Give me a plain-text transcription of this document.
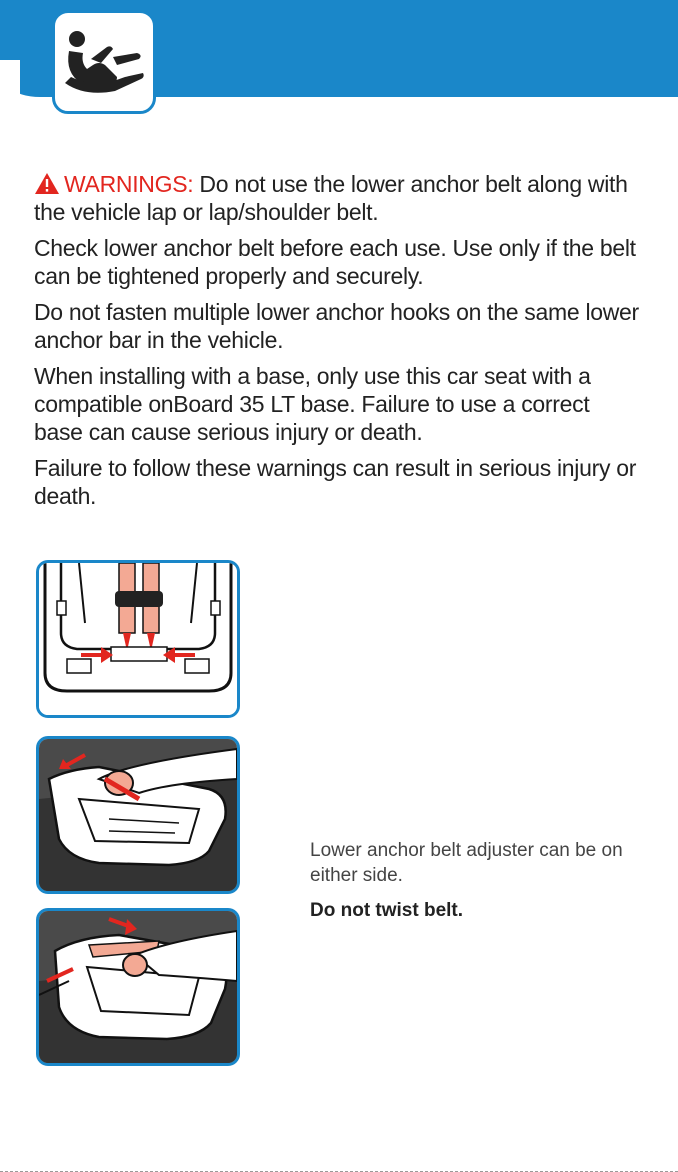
WARNINGS: Do not use the lower anchor belt along with the vehicle lap or lap/shoulder belt.

Check lower anchor belt before each use. Use only if the belt can be tightened properly and securely.

Do not fasten multiple lower anchor hooks on the same lower anchor bar in the vehicle.

When installing with a base, only use this car seat with a compatible onBoard 35 LT base. Failure to use a correct base can cause serious injury or death.

Failure to follow these warnings can result in serious injury or death.

Lower anchor belt adjuster can be on either side.

Do not twist belt.
